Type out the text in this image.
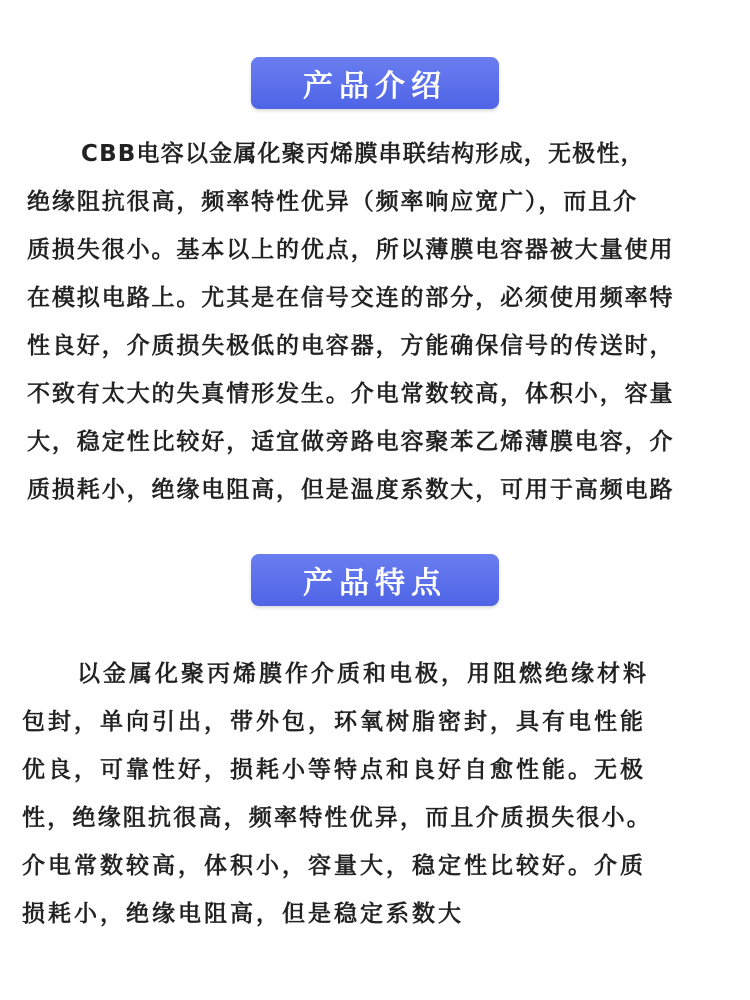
产品介绍
CBB电容以金属化聚丙烯膜串联结构形成，无极性，
绝缘阻抗很高，频率特性优异（频率响应宽广），而且介
质损失很小。基本以上的优点，所以薄膜电容器被大量使用
在模拟电路上。尤其是在信号交连的部分，必须使用频率特
性良好，介质损失极低的电容器，方能确保信号的传送时，
不致有太大的失真情形发生。介电常数较高，体积小，容量
大，稳定性比较好，适宜做旁路电容聚苯乙烯薄膜电容，介
质损耗小，绝缘电阻高，但是温度系数大，可用于高频电路
产品特点
以金属化聚丙烯膜作介质和电极，用阻燃绝缘材料
包封，单向引出，带外包，环氧树脂密封，具有电性能
优良，可靠性好，损耗小等特点和良好自愈性能。无极
性，绝缘阻抗很高，频率特性优异，而且介质损失很小。
介电常数较高，体积小，容量大，稳定性比较好。介质
损耗小，绝缘电阻高，但是稳定系数大
